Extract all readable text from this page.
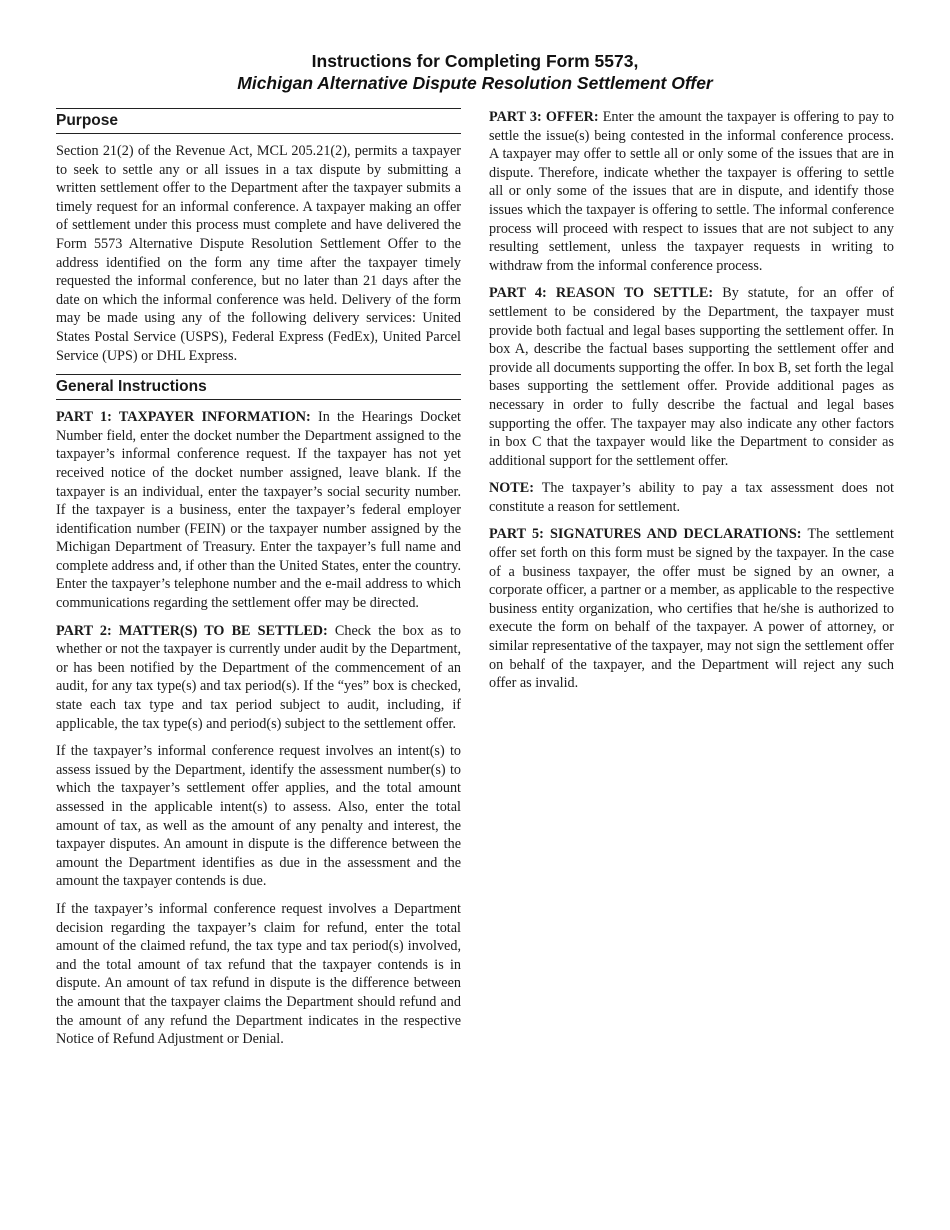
Instructions for Completing Form 5573,
Michigan Alternative Dispute Resolution Settlement Offer
Purpose

Section 21(2) of the Revenue Act, MCL 205.21(2), permits a taxpayer to seek to settle any or all issues in a tax dispute by submitting a written settlement offer to the Department after the taxpayer submits a timely request for an informal conference. A taxpayer making an offer of settlement under this process must complete and have delivered the Form 5573 Alternative Dispute Resolution Settlement Offer to the address identified on the form any time after the taxpayer timely requested the informal conference, but no later than 21 days after the date on which the informal conference was held. Delivery of the form may be made using any of the following delivery services: United States Postal Service (USPS), Federal Express (FedEx), United Parcel Service (UPS) or DHL Express.

General Instructions

PART 1: TAXPAYER INFORMATION: In the Hearings Docket Number field, enter the docket number the Department assigned to the taxpayer’s informal conference request. If the taxpayer has not yet received notice of the docket number assigned, leave blank. If the taxpayer is an individual, enter the taxpayer’s social security number. If the taxpayer is a business, enter the taxpayer’s federal employer identification number (FEIN) or the taxpayer number assigned by the Michigan Department of Treasury. Enter the taxpayer’s full name and complete address and, if other than the United States, enter the country. Enter the taxpayer’s telephone number and the e-mail address to which communications regarding the settlement offer may be directed.

PART 2: MATTER(S) TO BE SETTLED: Check the box as to whether or not the taxpayer is currently under audit by the Department, or has been notified by the Department of the commencement of an audit, for any tax type(s) and tax period(s). If the “yes” box is checked, state each tax type and tax period subject to audit, including, if applicable, the tax type(s) and period(s) subject to the settlement offer.

If the taxpayer’s informal conference request involves an intent(s) to assess issued by the Department, identify the assessment number(s) to which the taxpayer’s settlement offer applies, and the total amount assessed in the applicable intent(s) to assess. Also, enter the total amount of tax, as well as the amount of any penalty and interest, the taxpayer disputes. An amount in dispute is the difference between the amount the Department identifies as due in the assessment and the amount the taxpayer contends is due.

If the taxpayer’s informal conference request involves a Department decision regarding the taxpayer’s claim for refund, enter the total amount of the claimed refund, the tax type and tax period(s) involved, and the total amount of tax refund that the taxpayer contends is in dispute. An amount of tax refund in dispute is the difference between the amount that the taxpayer claims the Department should refund and the amount of any refund the Department indicates in the respective Notice of Refund Adjustment or Denial.

PART 3: OFFER: Enter the amount the taxpayer is offering to pay to settle the issue(s) being contested in the informal conference process. A taxpayer may offer to settle all or only some of the issues that are in dispute. Therefore, indicate whether the taxpayer is offering to settle all or only some of the issues that are in dispute, and identify those issues which the taxpayer is offering to settle. The informal conference process will proceed with respect to issues that are not subject to any resulting settlement, unless the taxpayer requests in writing to withdraw from the informal conference process.

PART 4: REASON TO SETTLE: By statute, for an offer of settlement to be considered by the Department, the taxpayer must provide both factual and legal bases supporting the settlement offer. In box A, describe the factual bases supporting the settlement offer and provide all documents supporting the offer. In box B, set forth the legal bases supporting the settlement offer. Provide additional pages as necessary in order to fully describe the factual and legal bases supporting the offer. The taxpayer may also indicate any other factors in box C that the taxpayer would like the Department to consider as additional support for the settlement offer.

NOTE: The taxpayer’s ability to pay a tax assessment does not constitute a reason for settlement.

PART 5: SIGNATURES AND DECLARATIONS: The settlement offer set forth on this form must be signed by the taxpayer. In the case of a business taxpayer, the offer must be signed by an owner, a corporate officer, a partner or a member, as applicable to the respective business entity organization, who certifies that he/she is authorized to execute the form on behalf of the taxpayer. A power of attorney, or similar representative of the taxpayer, may not sign the settlement offer on behalf of the taxpayer, and the Department will reject any such offer as invalid.
